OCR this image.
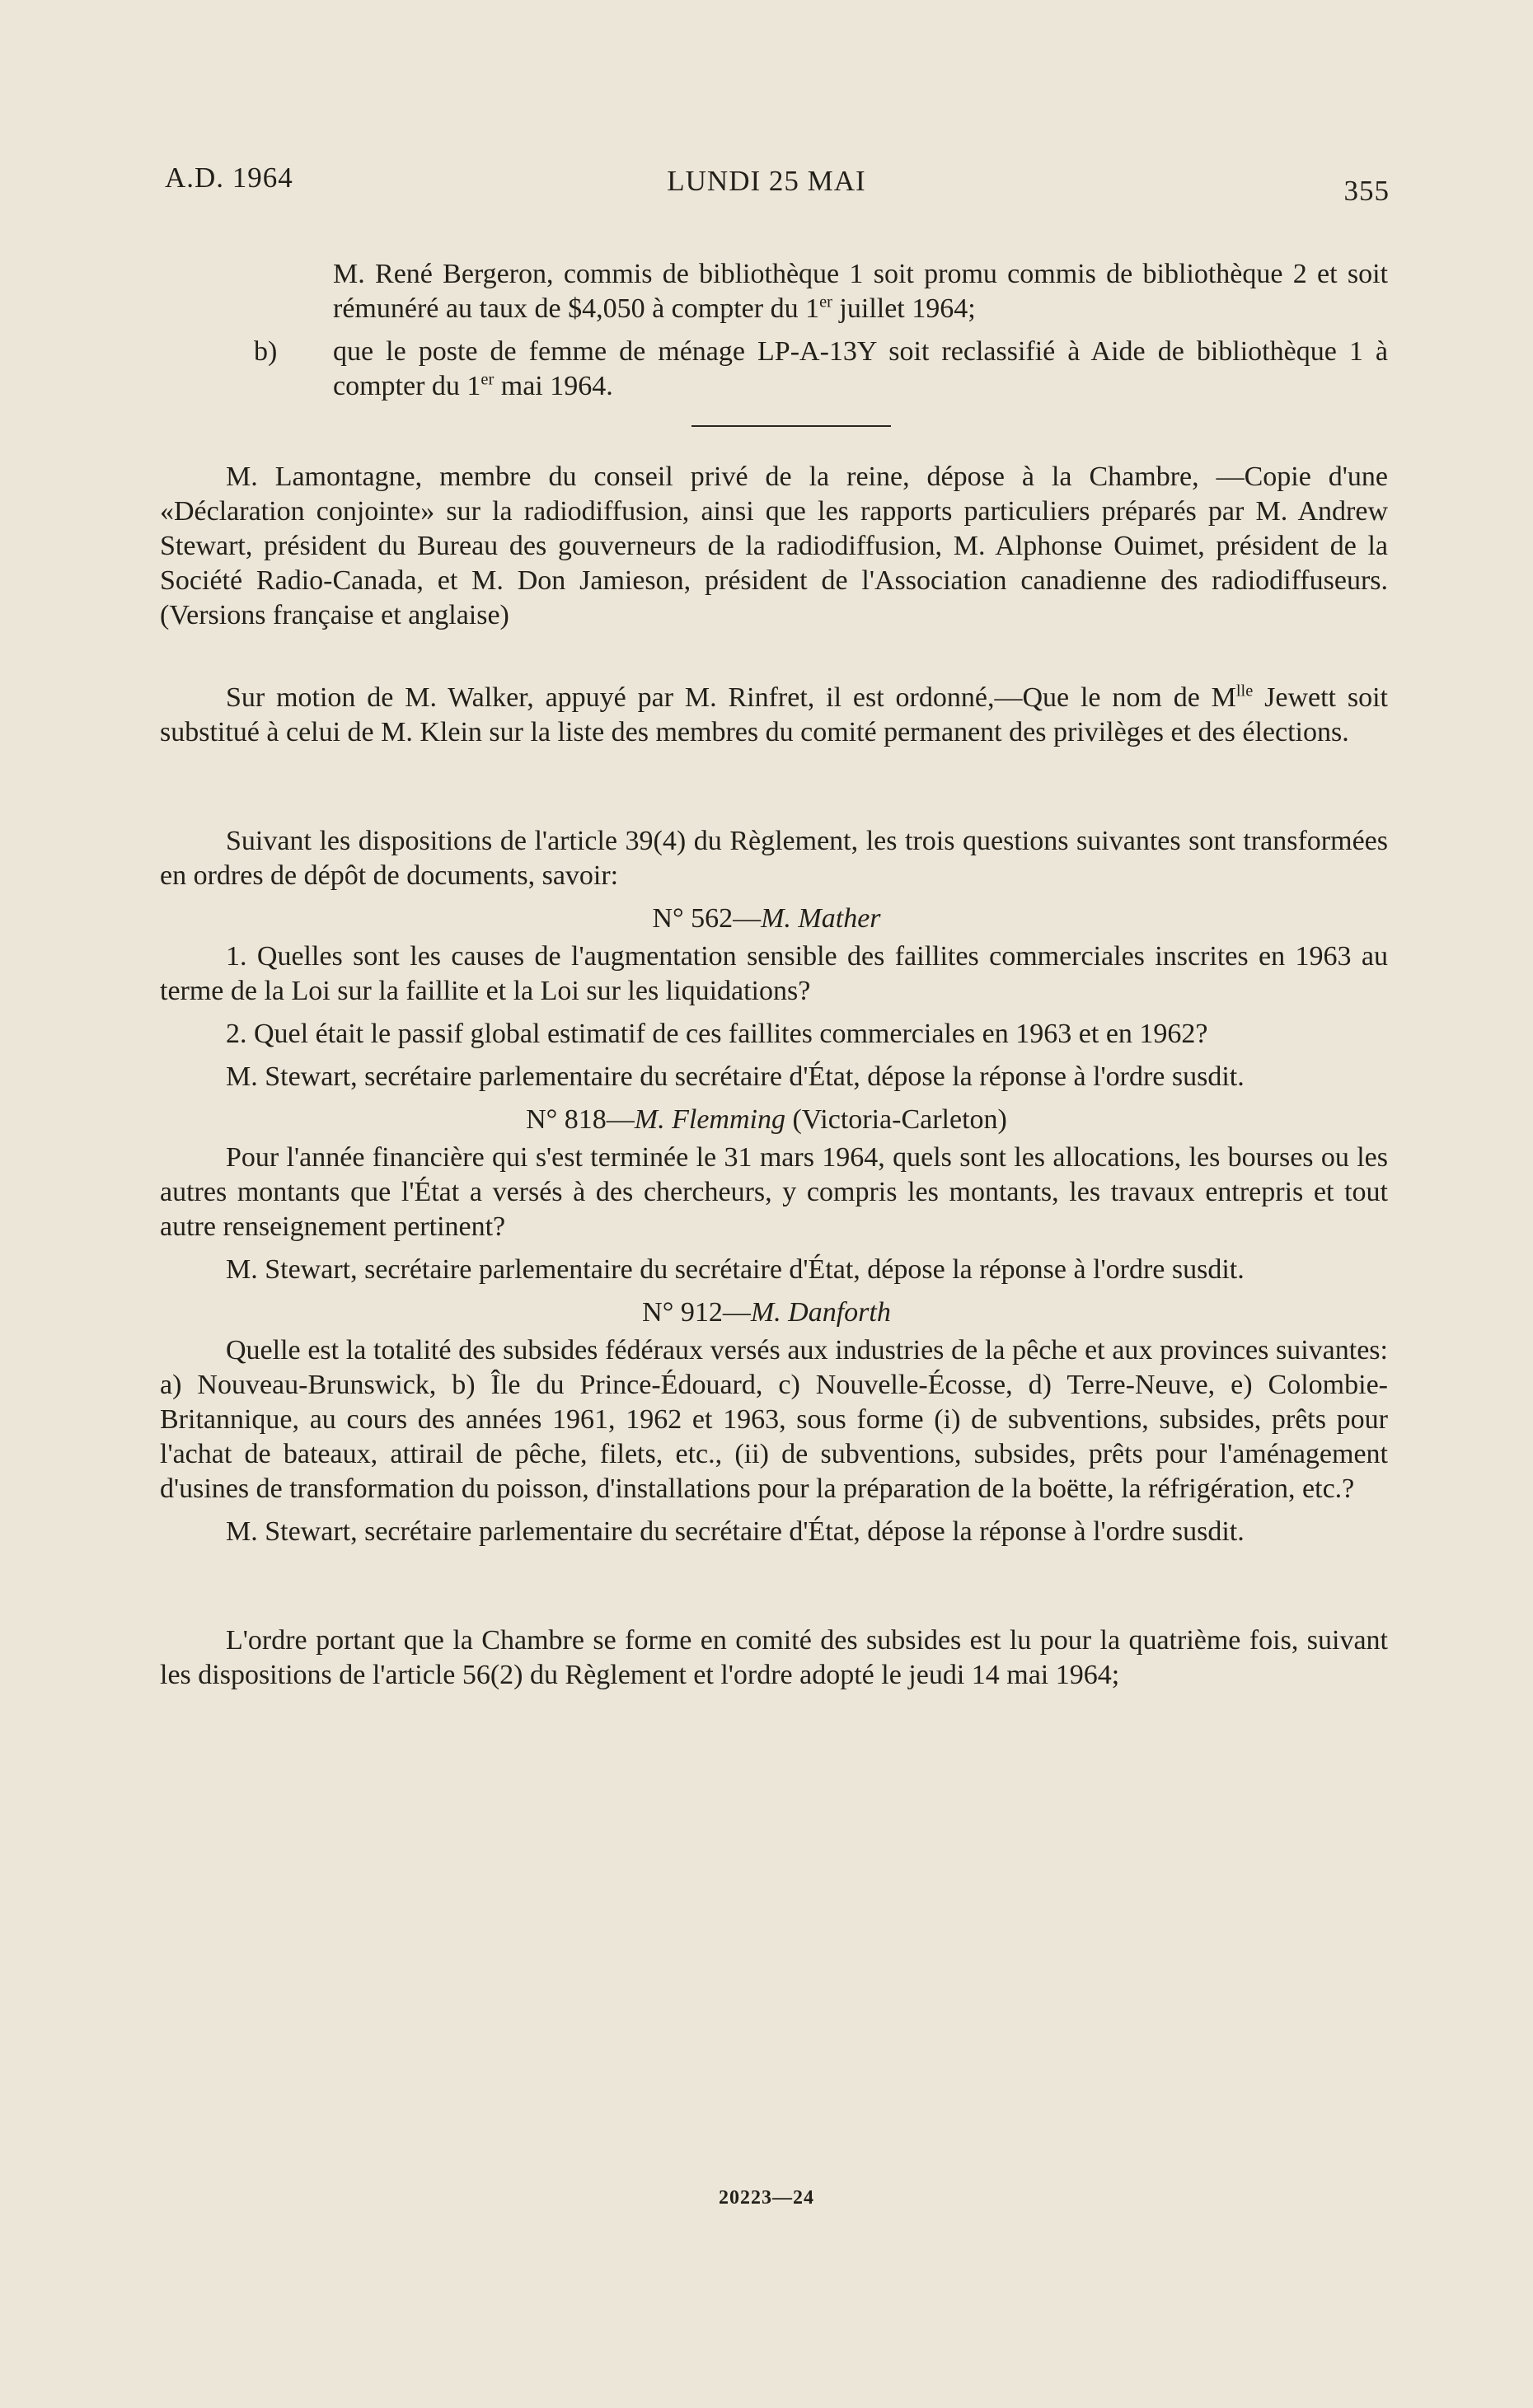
A.D. 1964	LUNDI 25 MAI	355

M. René Bergeron, commis de bibliothèque 1 soit promu commis de bibliothèque 2 et soit rémunéré au taux de $4,050 à compter du 1er juillet 1964;

b) que le poste de femme de ménage LP-A-13Y soit reclassifié à Aide de bibliothèque 1 à compter du 1er mai 1964.

M. Lamontagne, membre du conseil privé de la reine, dépose à la Chambre, —Copie d'une «Déclaration conjointe» sur la radiodiffusion, ainsi que les rapports particuliers préparés par M. Andrew Stewart, président du Bureau des gouverneurs de la radiodiffusion, M. Alphonse Ouimet, président de la Société Radio-Canada, et M. Don Jamieson, président de l'Association canadienne des radiodiffuseurs. (Versions française et anglaise)

Sur motion de M. Walker, appuyé par M. Rinfret, il est ordonné,—Que le nom de $M^{lle}$ Jewett soit substitué à celui de M. Klein sur la liste des membres du comité permanent des privilèges et des élections.

Suivant les dispositions de l'article 39(4) du Règlement, les trois questions suivantes sont transformées en ordres de dépôt de documents, savoir:

N° 562—M. Mather

1. Quelles sont les causes de l'augmentation sensible des faillites commerciales inscrites en 1963 au terme de la Loi sur la faillite et la Loi sur les liquidations?

2. Quel était le passif global estimatif de ces faillites commerciales en 1963 et en 1962?

M. Stewart, secrétaire parlementaire du secrétaire d'État, dépose la réponse à l'ordre susdit.

N° 818—M. Flemming (Victoria-Carleton)

Pour l'année financière qui s'est terminée le 31 mars 1964, quels sont les allocations, les bourses ou les autres montants que l'État a versés à des chercheurs, y compris les montants, les travaux entrepris et tout autre renseignement pertinent?

M. Stewart, secrétaire parlementaire du secrétaire d'État, dépose la réponse à l'ordre susdit.

N° 912—M. Danforth

Quelle est la totalité des subsides fédéraux versés aux industries de la pêche et aux provinces suivantes: a) Nouveau-Brunswick, b) Île du Prince-Édouard, c) Nouvelle-Écosse, d) Terre-Neuve, e) Colombie-Britannique, au cours des années 1961, 1962 et 1963, sous forme (i) de subventions, subsides, prêts pour l'achat de bateaux, attirail de pêche, filets, etc., (ii) de subventions, subsides, prêts pour l'aménagement d'usines de transformation du poisson, d'installations pour la préparation de la boëtte, la réfrigération, etc.?

M. Stewart, secrétaire parlementaire du secrétaire d'État, dépose la réponse à l'ordre susdit.

L'ordre portant que la Chambre se forme en comité des subsides est lu pour la quatrième fois, suivant les dispositions de l'article 56(2) du Règlement et l'ordre adopté le jeudi 14 mai 1964;

20223—24
